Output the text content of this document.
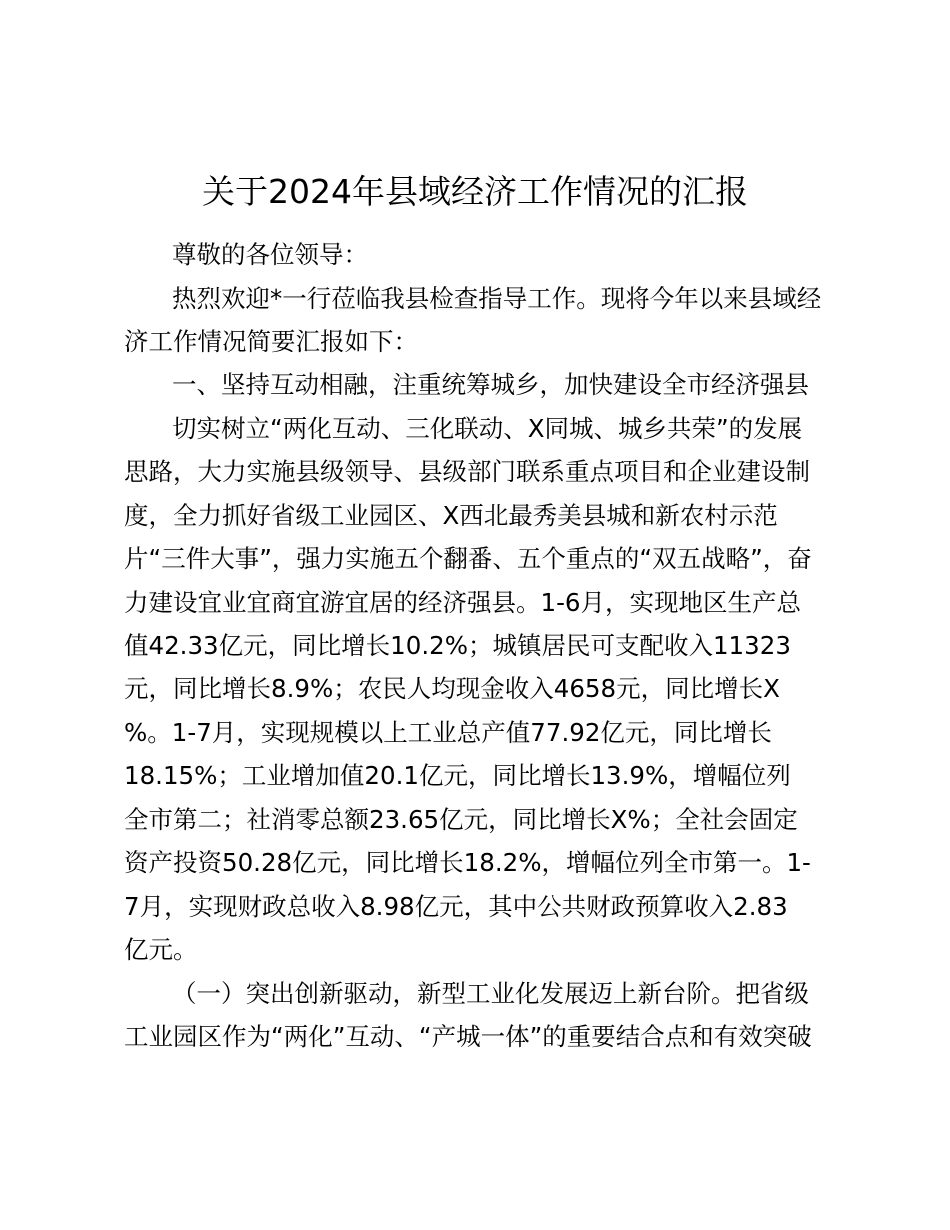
关于2024年县域经济工作情况的汇报
尊敬的各位领导：
热烈欢迎*一行莅临我县检查指导工作。现将今年以来县域经
济工作情况简要汇报如下：
一、坚持互动相融，注重统筹城乡，加快建设全市经济强县
切实树立“两化互动、三化联动、X同城、城乡共荣”的发展
思路，大力实施县级领导、县级部门联系重点项目和企业建设制
度，全力抓好省级工业园区、X西北最秀美县城和新农村示范
片“三件大事”，强力实施五个翻番、五个重点的“双五战略”，奋
力建设宜业宜商宜游宜居的经济强县。1-6月，实现地区生产总
值42.33亿元，同比增长10.2%；城镇居民可支配收入11323
元，同比增长8.9%；农民人均现金收入4658元，同比增长X
%。1-7月，实现规模以上工业总产值77.92亿元，同比增长
18.15%；工业增加值20.1亿元，同比增长13.9%，增幅位列
全市第二；社消零总额23.65亿元，同比增长X%；全社会固定
资产投资50.28亿元，同比增长18.2%，增幅位列全市第一。1-
7月，实现财政总收入8.98亿元，其中公共财政预算收入2.83
亿元。
（一）突出创新驱动，新型工业化发展迈上新台阶。把省级
工业园区作为“两化”互动、“产城一体”的重要结合点和有效突破
